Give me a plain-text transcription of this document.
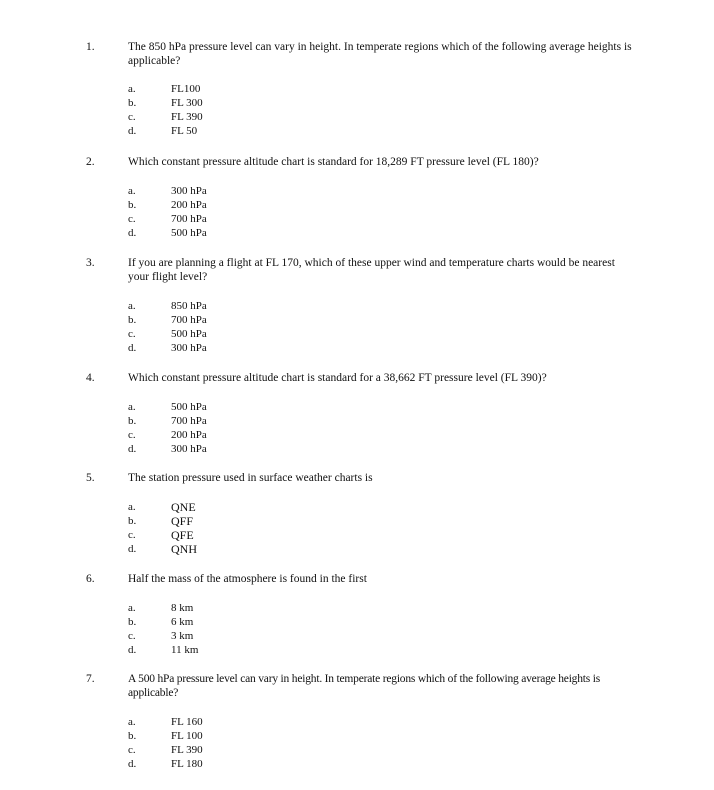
1.	The 850 hPa pressure level can vary in height. In temperate regions which of the following average heights is applicable?
a.	FL100
b.	FL 300
c.	FL 390
d.	FL 50
2.	Which constant pressure altitude chart is standard for 18,289 FT pressure level (FL 180)?
a.	300 hPa
b.	200 hPa
c.	700 hPa
d.	500 hPa
3.	If you are planning a flight at FL 170, which of these upper wind and temperature charts would be nearest your flight level?
a.	850 hPa
b.	700 hPa
c.	500 hPa
d.	300 hPa
4.	Which constant pressure altitude chart is standard for a 38,662 FT pressure level (FL 390)?
a.	500 hPa
b.	700 hPa
c.	200 hPa
d.	300 hPa
5.	The station pressure used in surface weather charts is
a.	QNE
b.	QFF
c.	QFE
d.	QNH
6.	Half the mass of the atmosphere is found in the first
a.	8 km
b.	6 km
c.	3 km
d.	11 km
7.	A 500 hPa pressure level can vary in height. In temperate regions which of the following average heights is applicable?
a.	FL 160
b.	FL 100
c.	FL 390
d.	FL 180
